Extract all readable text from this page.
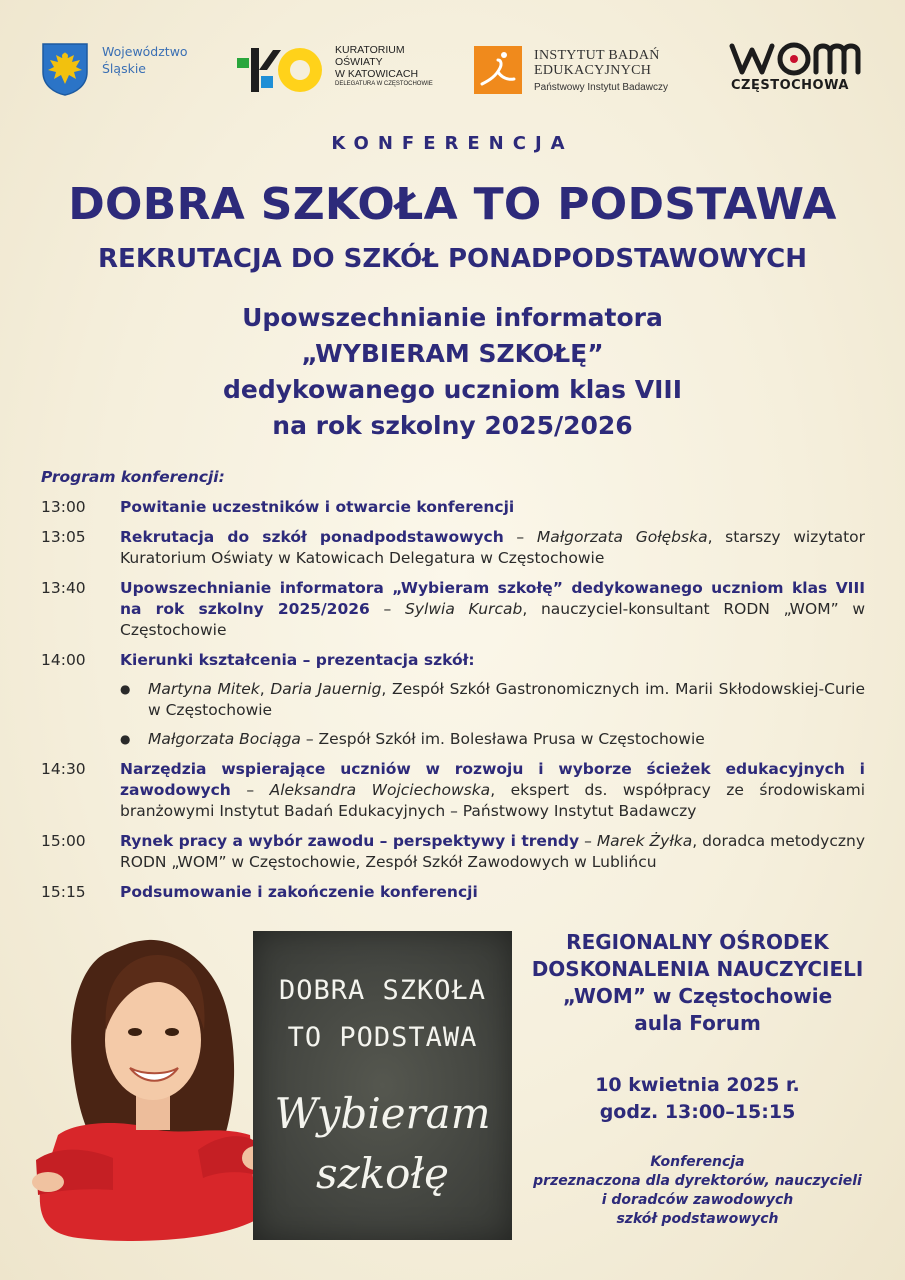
Województwo
Śląskie
KURATORIUM
OŚWIATY
W KATOWICACH
DELEGATURA W CZĘSTOCHOWIE
INSTYTUT BADAŃ
EDUKACYJNYCH
Państwowy Instytut Badawczy	CZĘSTOCHOWA
KONFERENCJA
DOBRA SZKOŁA TO PODSTAWA
REKRUTACJA DO SZKÓŁ PONADPODSTAWOWYCH
Upowszechnianie informatora
„WYBIERAM SZKOŁĘ”
dedykowanego uczniom klas VIII
na rok szkolny 2025/2026
Program konferencji:
13:00	Powitanie uczestników i otwarcie konferencji
13:05	Rekrutacja do szkół ponadpodstawowych – Małgorzata Gołębska, starszy wizytator Kuratorium Oświaty w Katowicach Delegatura w Częstochowie
13:40	Upowszechnianie informatora „Wybieram szkołę” dedykowanego uczniom klas VIII na rok szkolny 2025/2026 – Sylwia Kurcab, nauczyciel-konsultant RODN „WOM” w Częstochowie
14:00	Kierunki kształcenia – prezentacja szkół:
●	Martyna Mitek, Daria Jauernig, Zespół Szkół Gastronomicznych im. Marii Skłodowskiej-Curie w Częstochowie
●	Małgorzata Bociąga – Zespół Szkół im. Bolesława Prusa w Częstochowie
14:30	Narzędzia wspierające uczniów w rozwoju i wyborze ścieżek edukacyjnych i zawodowych – Aleksandra Wojciechowska, ekspert ds. współpracy ze środowiskami branżowymi Instytut Badań Edukacyjnych – Państwowy Instytut Badawczy
15:00	Rynek pracy a wybór zawodu – perspektywy i trendy – Marek Żyłka, doradca metodyczny RODN „WOM” w Częstochowie, Zespół Szkół Zawodowych w Lublińcu
15:15	Podsumowanie i zakończenie konferencji
DOBRA SZKOŁA
TO PODSTAWA
Wybieram
szkołę
REGIONALNY OŚRODEK
DOSKONALENIA NAUCZYCIELI
„WOM” w Częstochowie
aula Forum
10 kwietnia 2025 r.
godz. 13:00–15:15
Konferencja
przeznaczona dla dyrektorów, nauczycieli
i doradców zawodowych
szkół podstawowych
